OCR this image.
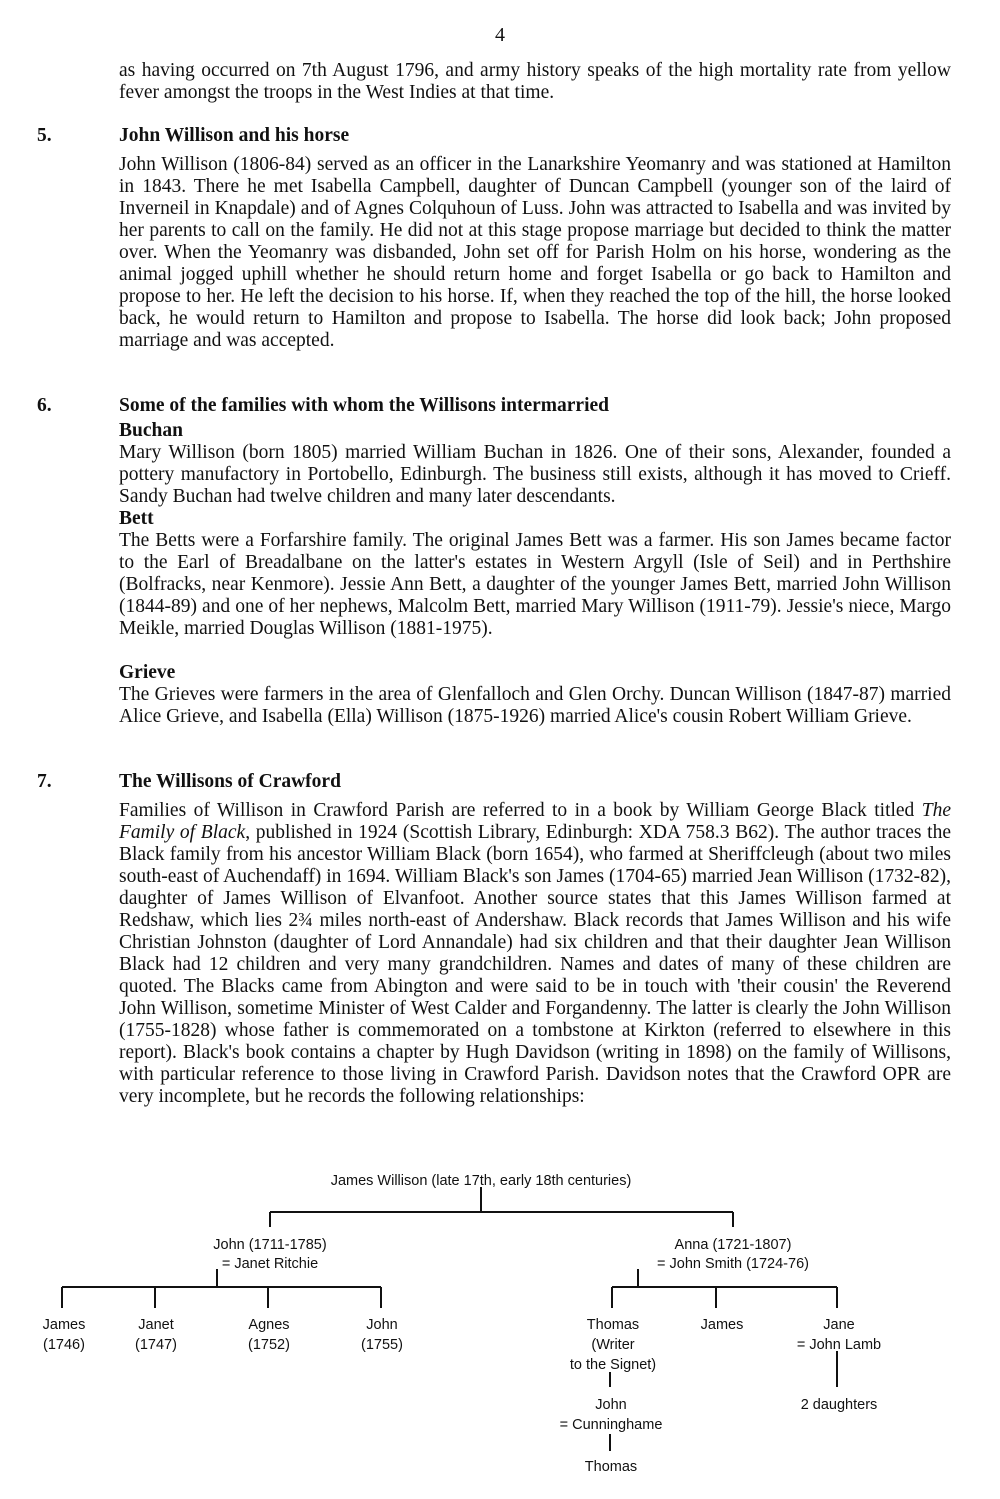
4

as having occurred on 7th August 1796, and army history speaks of the high mortality rate from yellow fever amongst the troops in the West Indies at that time.

5.	John Willison and his horse

John Willison (1806-84) served as an officer in the Lanarkshire Yeomanry and was stationed at Hamilton in 1843. There he met Isabella Campbell, daughter of Duncan Campbell (younger son of the laird of Inverneil in Knapdale) and of Agnes Colquhoun of Luss. John was attracted to Isabella and was invited by her parents to call on the family. He did not at this stage propose marriage but decided to think the matter over. When the Yeomanry was disbanded, John set off for Parish Holm on his horse, wondering as the animal jogged uphill whether he should return home and forget Isabella or go back to Hamilton and propose to her. He left the decision to his horse. If, when they reached the top of the hill, the horse looked back, he would return to Hamilton and propose to Isabella. The horse did look back; John proposed marriage and was accepted.

6.	Some of the families with whom the Willisons intermarried
Buchan

Mary Willison (born 1805) married William Buchan in 1826. One of their sons, Alexander, founded a pottery manufactory in Portobello, Edinburgh. The business still exists, although it has moved to Crieff. Sandy Buchan had twelve children and many later descendants.

Bett

The Betts were a Forfarshire family. The original James Bett was a farmer. His son James became factor to the Earl of Breadalbane on the latter's estates in Western Argyll (Isle of Seil) and in Perthshire (Bolfracks, near Kenmore). Jessie Ann Bett, a daughter of the younger James Bett, married John Willison (1844-89) and one of her nephews, Malcolm Bett, married Mary Willison (1911-79). Jessie's niece, Margo Meikle, married Douglas Willison (1881-1975).

Grieve

The Grieves were farmers in the area of Glenfalloch and Glen Orchy. Duncan Willison (1847-87) married Alice Grieve, and Isabella (Ella) Willison (1875-1926) married Alice's cousin Robert William Grieve.

7.	The Willisons of Crawford

Families of Willison in Crawford Parish are referred to in a book by William George Black titled The Family of Black, published in 1924 (Scottish Library, Edinburgh: XDA 758.3 B62). The author traces the Black family from his ancestor William Black (born 1654), who farmed at Sheriffcleugh (about two miles south-east of Auchendaff) in 1694. William Black's son James (1704-65) married Jean Willison (1732-82), daughter of James Willison of Elvanfoot. Another source states that this James Willison farmed at Redshaw, which lies 2¾ miles north-east of Andershaw. Black records that James Willison and his wife Christian Johnston (daughter of Lord Annandale) had six children and that their daughter Jean Willison Black had 12 children and very many grandchildren. Names and dates of many of these children are quoted. The Blacks came from Abington and were said to be in touch with 'their cousin' the Reverend John Willison, sometime Minister of West Calder and Forgandenny. The latter is clearly the John Willison (1755-1828) whose father is commemorated on a tombstone at Kirkton (referred to elsewhere in this report). Black's book contains a chapter by Hugh Davidson (writing in 1898) on the family of Willisons, with particular reference to those living in Crawford Parish. Davidson notes that the Crawford OPR are very incomplete, but he records the following relationships:

James Willison (late 17th, early 18th centuries)
John (1711-1785)
= Janet Ritchie
Anna (1721-1807)
= John Smith (1724-76)
James
(1746)
Janet
(1747)
Agnes
(1752)
John
(1755)
Thomas
(Writer
to the Signet)
James	Jane
= John Lamb
John
= Cunninghame
2 daughters
Thomas
